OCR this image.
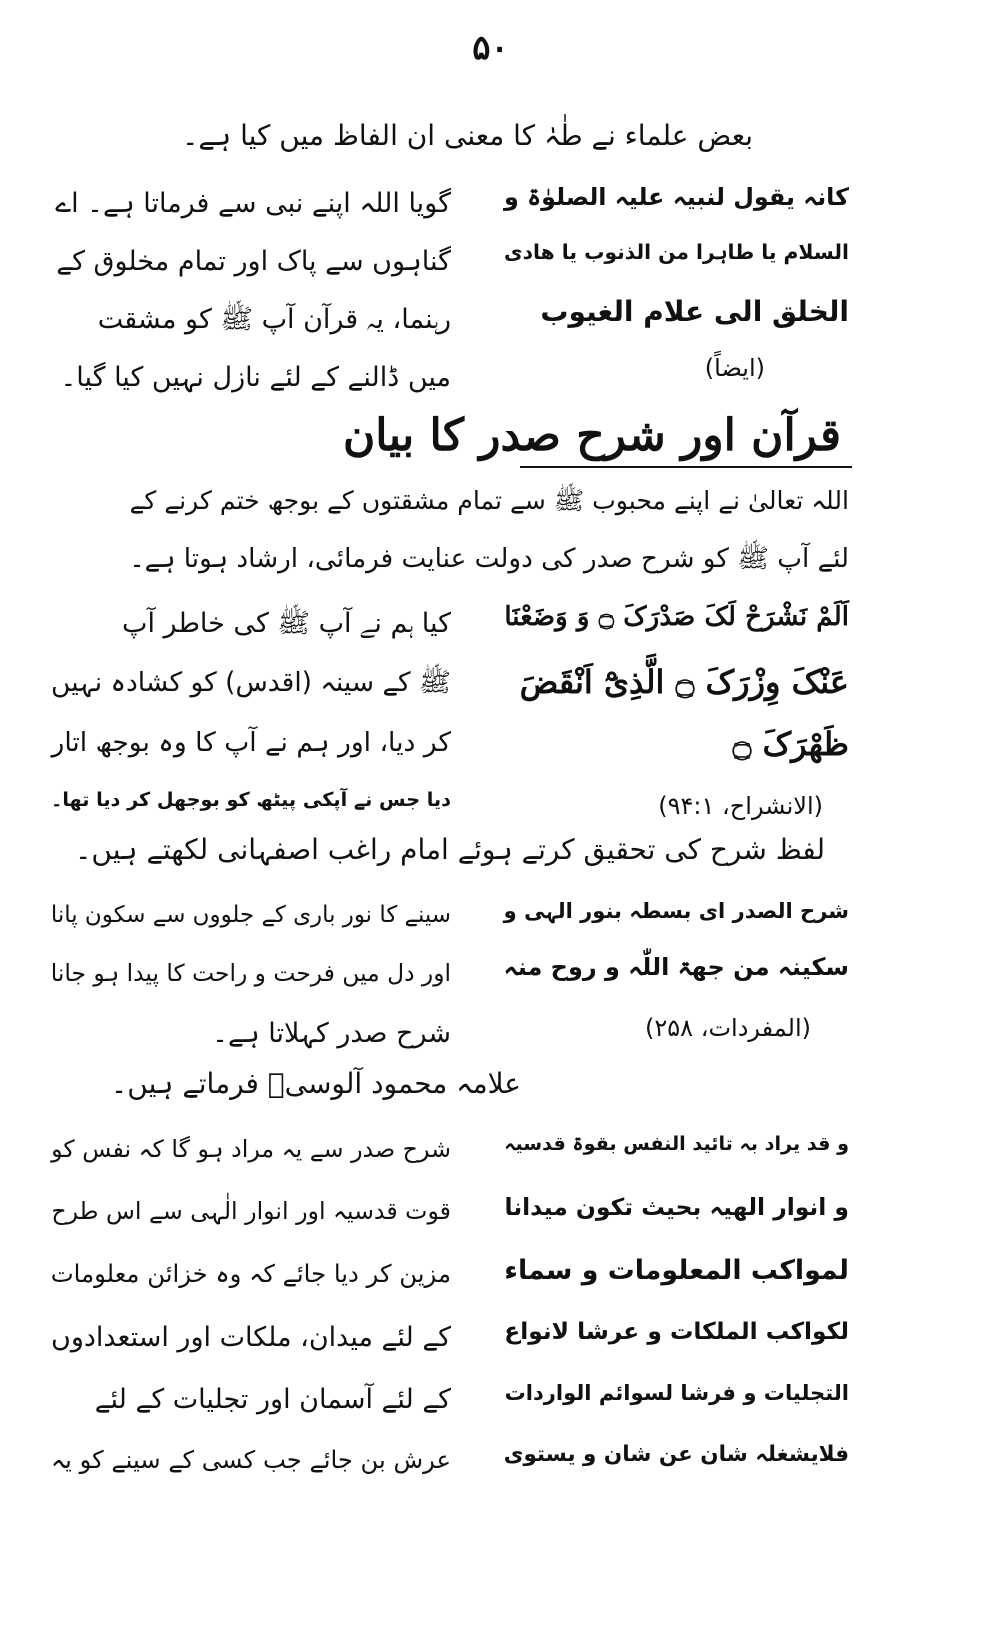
۵۰
بعض علماء نے طٰہٰ کا معنی ان الفاظ میں کیا ہے۔
کانہ یقول لنبیہ علیہ الصلوٰۃ و
السلام یا طاہرا من الذنوب یا ھادی
الخلق الی علام الغیوب
(ایضاً)
گویا اللہ اپنے نبی سے فرماتا ہے۔ اے
گناہوں سے پاک اور تمام مخلوق کے
رہنما، یہ قرآن آپ ﷺ کو مشقت
میں ڈالنے کے لئے نازل نہیں کیا گیا۔
قرآن اور شرح صدر کا بیان
اللہ تعالیٰ نے اپنے محبوب ﷺ سے تمام مشقتوں کے بوجھ ختم کرنے کے
لئے آپ ﷺ کو شرح صدر کی دولت عنایت فرمائی، ارشاد ہوتا ہے۔
اَلَمْ نَشْرَحْ لَکَ صَدْرَکَ ۝ وَ وَضَعْنَا
عَنْکَ وِزْرَکَ ۝ الَّذِیْٓ اَنْقَضَ
ظَھْرَکَ ۝
(الانشراح، ۹۴:۱)
کیا ہم نے آپ ﷺ کی خاطر آپ
ﷺ کے سینہ (اقدس) کو کشادہ نہیں
کر دیا، اور ہم نے آپ کا وہ بوجھ اتار
دیا جس نے آپکی پیٹھ کو بوجھل کر دیا تھا۔
لفظ شرح کی تحقیق کرتے ہوئے امام راغب اصفہانی لکھتے ہیں۔
شرح الصدر ای بسطہ بنور الہی و
سکینہ من جھۃ اللّٰہ و روح منہ
(المفردات، ۲۵۸)
سینے کا نور باری کے جلووں سے سکون پانا
اور دل میں فرحت و راحت کا پیدا ہو جانا
شرح صدر کہلاتا ہے۔
علامہ محمود آلوسیؒ فرماتے ہیں۔
و قد یراد بہ تائید النفس بقوۃ قدسیہ
و انوار الھیہ بحیث تکون میدانا
لمواکب المعلومات و سماء
لکواکب الملکات و عرشا لانواع
التجلیات و فرشا لسوائم الواردات
فلایشغلہ شان عن شان و یستوی
شرح صدر سے یہ مراد ہو گا کہ نفس کو
قوت قدسیہ اور انوار الٰہی سے اس طرح
مزین کر دیا جائے کہ وہ خزائن معلومات
کے لئے میدان، ملکات اور استعدادوں
کے لئے آسمان اور تجلیات کے لئے
عرش بن جائے جب کسی کے سینے کو یہ
